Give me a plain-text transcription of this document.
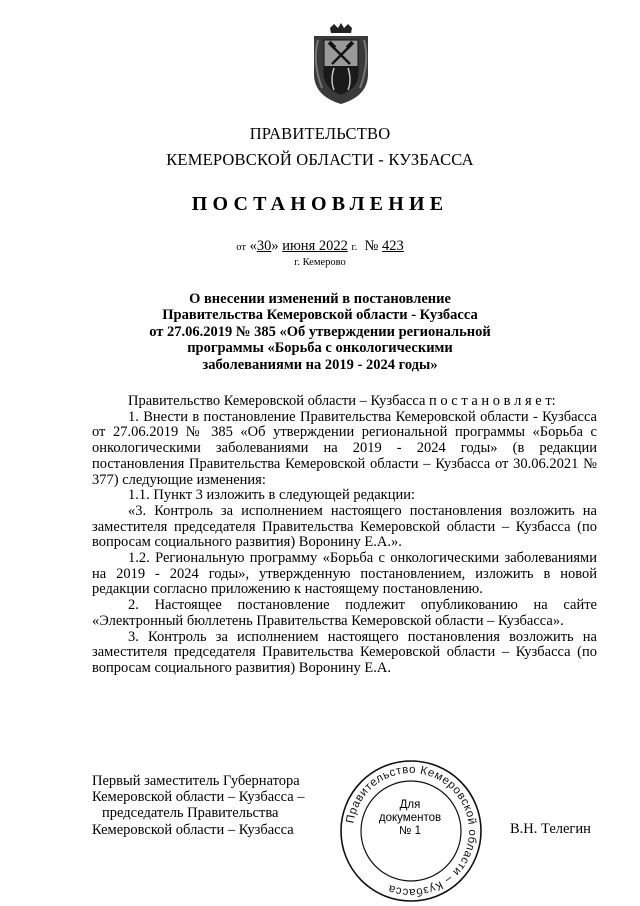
ПРАВИТЕЛЬСТВО
КЕМЕРОВСКОЙ ОБЛАСТИ - КУЗБАССА
ПОСТАНОВЛЕНИЕ
от «30» июня 2022 г. № 423
г. Кемерово
О внесении изменений в постановление
Правительства Кемеровской области - Кузбасса
от 27.06.2019 № 385 «Об утверждении региональной
программы «Борьба с онкологическими
заболеваниями на 2019 - 2024 годы»

Правительство Кемеровской области – Кузбасса п о с т а н о в л я е т:

1. Внести в постановление Правительства Кемеровской области - Кузбасса от 27.06.2019 № 385 «Об утверждении региональной программы «Борьба с онкологическими заболеваниями на 2019 - 2024 годы» (в редакции постановления Правительства Кемеровской области – Кузбасса от 30.06.2021 № 377) следующие изменения:

1.1. Пункт 3 изложить в следующей редакции:

«3. Контроль за исполнением настоящего постановления возложить на заместителя председателя Правительства Кемеровской области – Кузбасса (по вопросам социального развития) Воронину Е.А.».

1.2. Региональную программу «Борьба с онкологическими заболеваниями на 2019 - 2024 годы», утвержденную постановлением, изложить в новой редакции согласно приложению к настоящему постановлению.

2. Настоящее постановление подлежит опубликованию на сайте «Электронный бюллетень Правительства Кемеровской области – Кузбасса».

3. Контроль за исполнением настоящего постановления возложить на заместителя председателя Правительства Кемеровской области – Кузбасса (по вопросам социального развития) Воронину Е.А.

Первый заместитель Губернатора
Кемеровской области – Кузбасса –
председатель Правительства
Кемеровской области – Кузбасса
Правительство Кемеровской области – Кузбасса
Для
документов
№ 1	В.Н. Телегин
